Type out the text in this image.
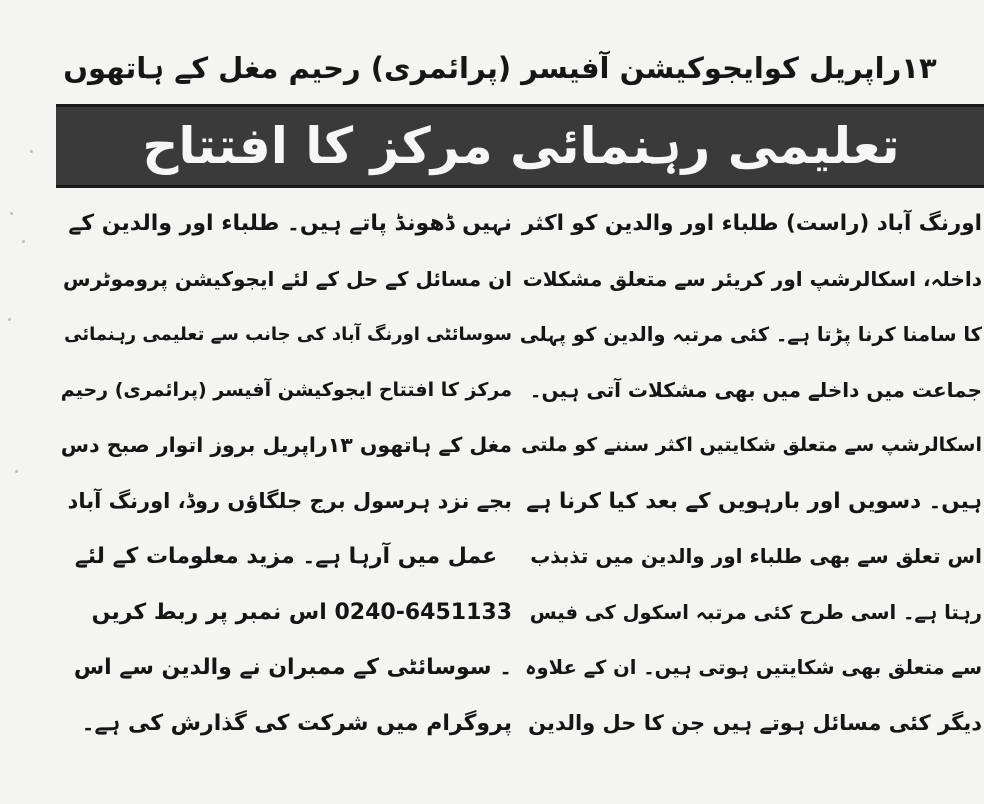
۱۳راپریل کوایجوکیشن آفیسر (پرائمری) رحیم مغل کے ہاتھوں
تعلیمی رہنمائی مرکز کا افتتاح
اورنگ آباد (راست) طلباء اور والدین کو اکثر
داخلہ، اسکالرشپ اور کریئر سے متعلق مشکلات
کا سامنا کرنا پڑتا ہے۔ کئی مرتبہ والدین کو پہلی
جماعت میں داخلے میں بھی مشکلات آتی ہیں۔
اسکالرشپ سے متعلق شکایتیں اکثر سننے کو ملتی
ہیں۔ دسویں اور بارہویں کے بعد کیا کرنا ہے
اس تعلق سے بھی طلباء اور والدین میں تذبذب
رہتا ہے۔ اسی طرح کئی مرتبہ اسکول کی فیس
سے متعلق بھی شکایتیں ہوتی ہیں۔ ان کے علاوہ
دیگر کئی مسائل ہوتے ہیں جن کا حل والدین
نہیں ڈھونڈ پاتے ہیں۔ طلباء اور والدین کے
ان مسائل کے حل کے لئے ایجوکیشن پروموٹرس
سوسائٹی اورنگ آباد کی جانب سے تعلیمی رہنمائی
مرکز کا افتتاح ایجوکیشن آفیسر (پرائمری) رحیم
مغل کے ہاتھوں ۱۳راپریل بروز اتوار صبح دس
بجے نزد ہرسول برج جلگاؤں روڈ، اورنگ آباد
عمل میں آرہا ہے۔ مزید معلومات کے لئے
0240-6451133 اس نمبر پر ربط کریں
۔ سوسائٹی کے ممبران نے والدین سے اس
پروگرام میں شرکت کی گذارش کی ہے۔
